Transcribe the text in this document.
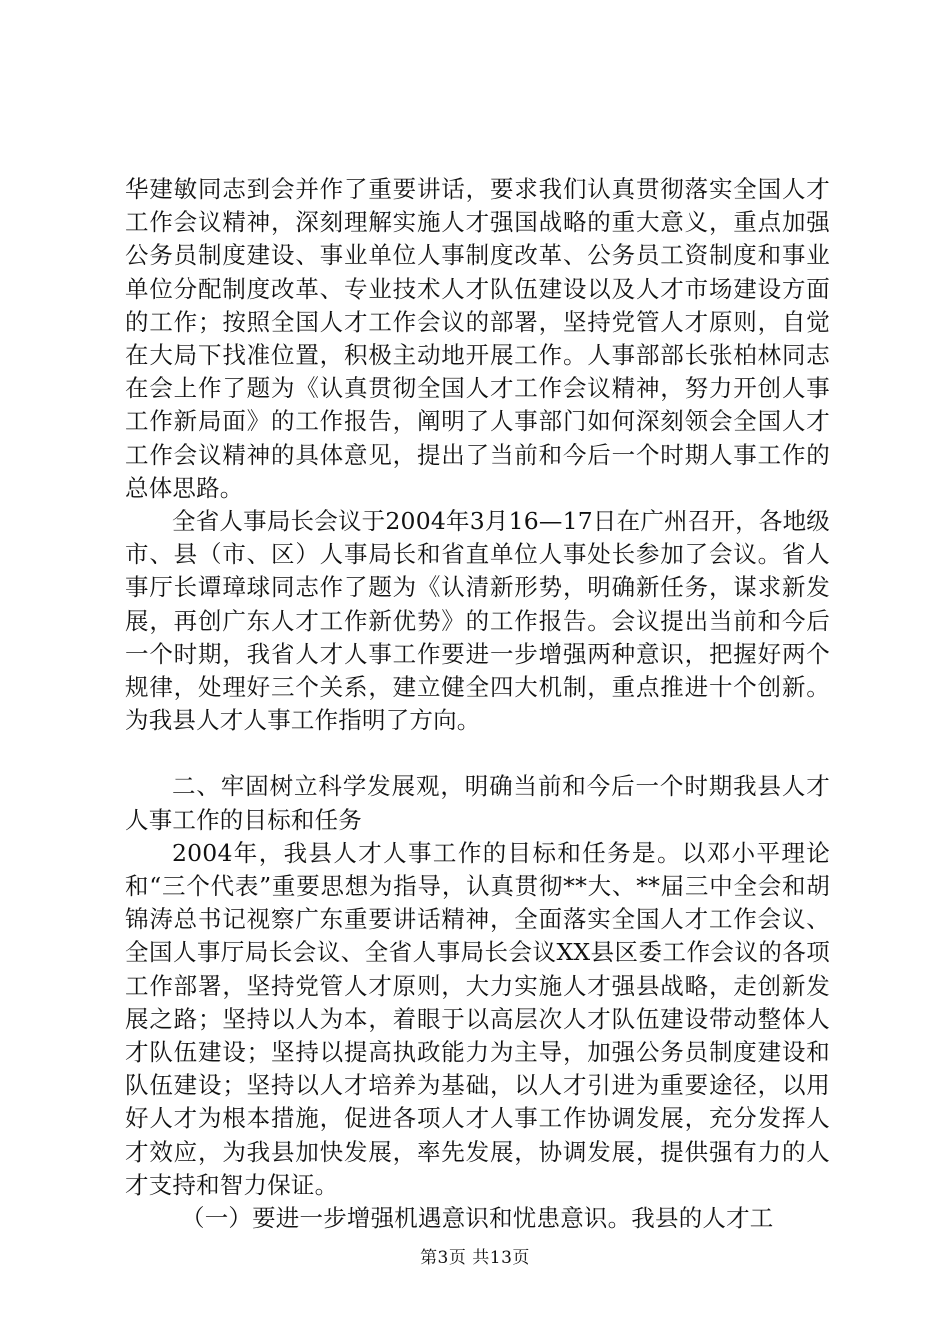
华建敏同志到会并作了重要讲话，要求我们认真贯彻落实全国人才工作会议精神，深刻理解实施人才强国战略的重大意义，重点加强公务员制度建设、事业单位人事制度改革、公务员工资制度和事业单位分配制度改革、专业技术人才队伍建设以及人才市场建设方面的工作；按照全国人才工作会议的部署，坚持党管人才原则，自觉在大局下找准位置，积极主动地开展工作。人事部部长张柏林同志在会上作了题为《认真贯彻全国人才工作会议精神，努力开创人事工作新局面》的工作报告，阐明了人事部门如何深刻领会全国人才工作会议精神的具体意见，提出了当前和今后一个时期人事工作的总体思路。

全省人事局长会议于2004年3月16—17日在广州召开，各地级市、县（市、区）人事局长和省直单位人事处长参加了会议。省人事厅长谭璋球同志作了题为《认清新形势，明确新任务，谋求新发展，再创广东人才工作新优势》的工作报告。会议提出当前和今后一个时期，我省人才人事工作要进一步增强两种意识，把握好两个规律，处理好三个关系，建立健全四大机制，重点推进十个创新。为我县人才人事工作指明了方向。

二、牢固树立科学发展观，明确当前和今后一个时期我县人才人事工作的目标和任务

2004年，我县人才人事工作的目标和任务是。以邓小平理论和“三个代表”重要思想为指导，认真贯彻**大、**届三中全会和胡锦涛总书记视察广东重要讲话精神，全面落实全国人才工作会议、全国人事厅局长会议、全省人事局长会议XX县区委工作会议的各项工作部署，坚持党管人才原则，大力实施人才强县战略，走创新发展之路；坚持以人为本，着眼于以高层次人才队伍建设带动整体人才队伍建设；坚持以提高执政能力为主导，加强公务员制度建设和队伍建设；坚持以人才培养为基础，以人才引进为重要途径，以用好人才为根本措施，促进各项人才人事工作协调发展，充分发挥人才效应，为我县加快发展，率先发展，协调发展，提供强有力的人才支持和智力保证。

（一）要进一步增强机遇意识和忧患意识。我县的人才工

第3页 共13页
